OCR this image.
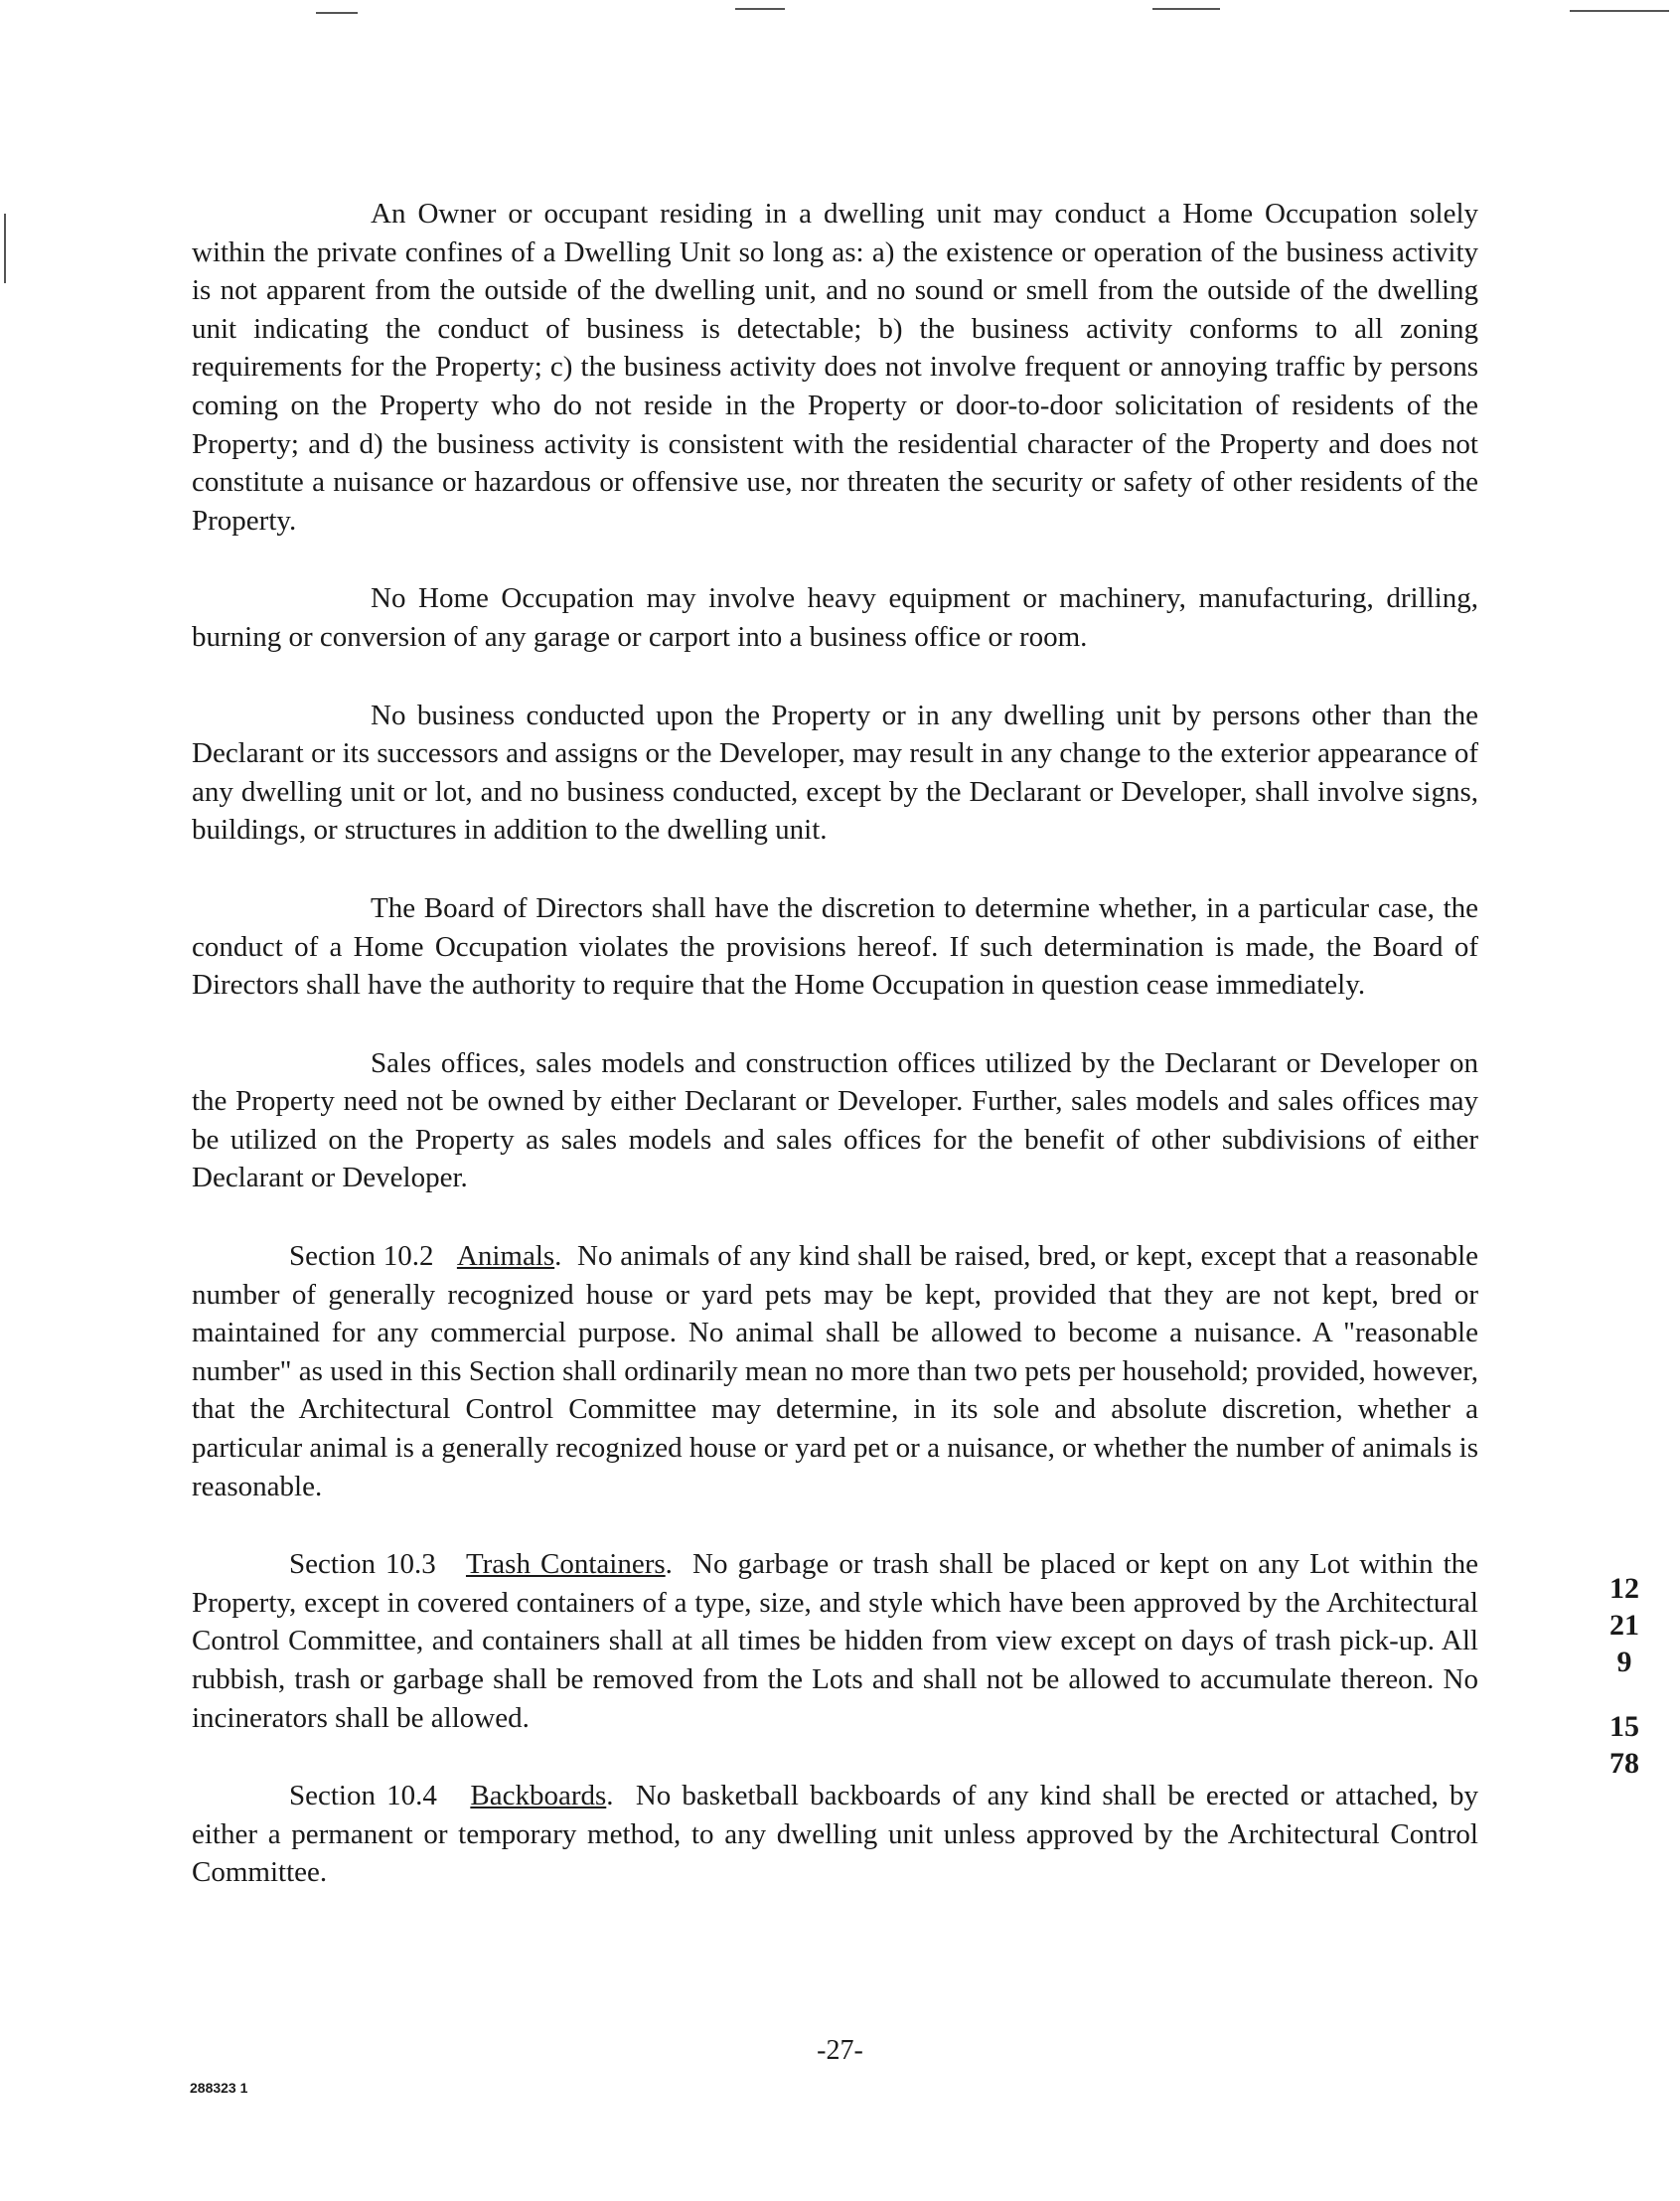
An Owner or occupant residing in a dwelling unit may conduct a Home Occupation solely within the private confines of a Dwelling Unit so long as: a) the existence or operation of the business activity is not apparent from the outside of the dwelling unit, and no sound or smell from the outside of the dwelling unit indicating the conduct of business is detectable; b) the business activity conforms to all zoning requirements for the Property; c) the business activity does not involve frequent or annoying traffic by persons coming on the Property who do not reside in the Property or door-to-door solicitation of residents of the Property; and d) the business activity is consistent with the residential character of the Property and does not constitute a nuisance or hazardous or offensive use, nor threaten the security or safety of other residents of the Property.

No Home Occupation may involve heavy equipment or machinery, manufacturing, drilling, burning or conversion of any garage or carport into a business office or room.

No business conducted upon the Property or in any dwelling unit by persons other than the Declarant or its successors and assigns or the Developer, may result in any change to the exterior appearance of any dwelling unit or lot, and no business conducted, except by the Declarant or Developer, shall involve signs, buildings, or structures in addition to the dwelling unit.

The Board of Directors shall have the discretion to determine whether, in a particular case, the conduct of a Home Occupation violates the provisions hereof. If such determination is made, the Board of Directors shall have the authority to require that the Home Occupation in question cease immediately.

Sales offices, sales models and construction offices utilized by the Declarant or Developer on the Property need not be owned by either Declarant or Developer. Further, sales models and sales offices may be utilized on the Property as sales models and sales offices for the benefit of other subdivisions of either Declarant or Developer.

Section 10.2 Animals.  No animals of any kind shall be raised, bred, or kept, except that a reasonable number of generally recognized house or yard pets may be kept, provided that they are not kept, bred or maintained for any commercial purpose. No animal shall be allowed to become a nuisance. A "reasonable number" as used in this Section shall ordinarily mean no more than two pets per household; provided, however, that the Architectural Control Committee may determine, in its sole and absolute discretion, whether a particular animal is a generally recognized house or yard pet or a nuisance, or whether the number of animals is reasonable.

Section 10.3 Trash Containers.  No garbage or trash shall be placed or kept on any Lot within the Property, except in covered containers of a type, size, and style which have been approved by the Architectural Control Committee, and containers shall at all times be hidden from view except on days of trash pick-up. All rubbish, trash or garbage shall be removed from the Lots and shall not be allowed to accumulate thereon. No incinerators shall be allowed.

Section 10.4 Backboards.  No basketball backboards of any kind shall be erected or attached, by either a permanent or temporary method, to any dwelling unit unless approved by the Architectural Control Committee.

12219
1578
-27-
288323 1
